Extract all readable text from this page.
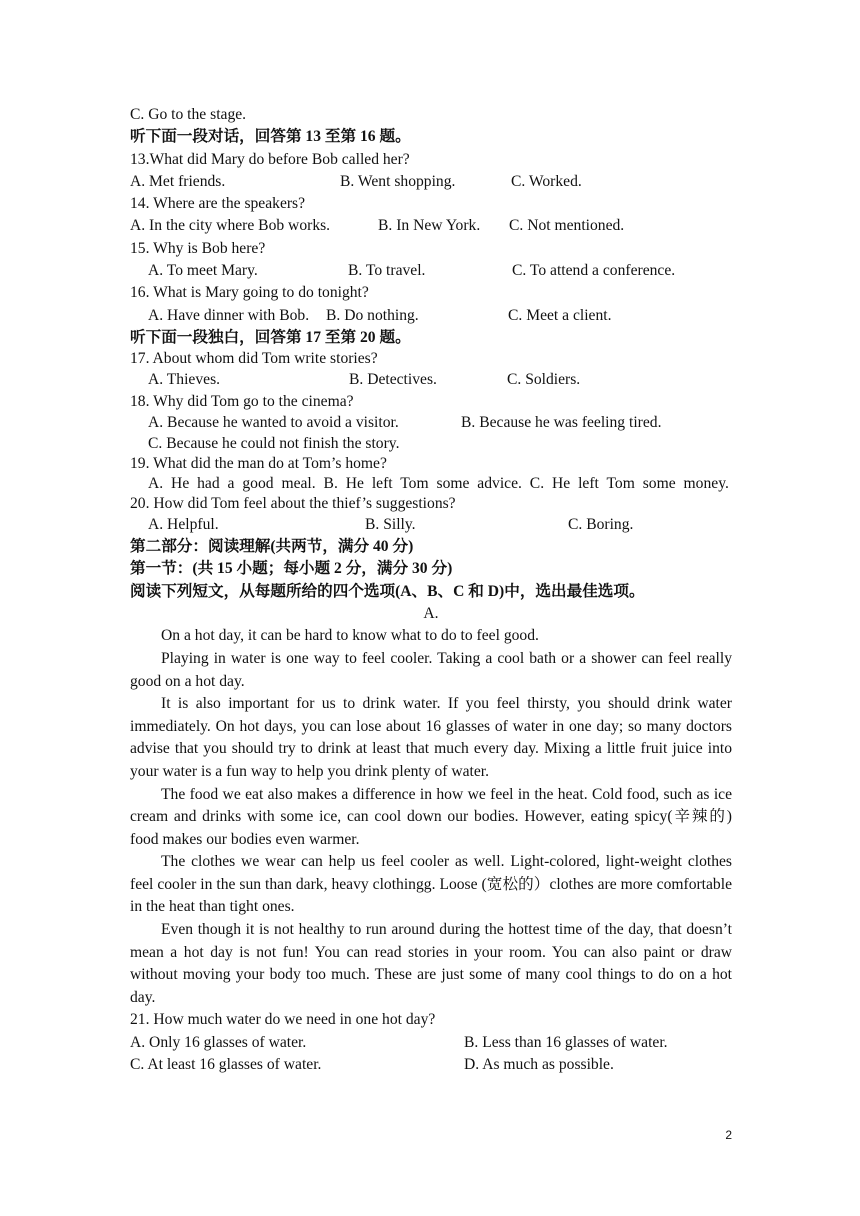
C. Go to the stage.
听下面一段对话，回答第 13 至第 16 题。
13.What did Mary do before Bob called her?
A. Met friends.	B. Went shopping.	C. Worked.
14. Where are the speakers?
A. In the city where Bob works.	B. In New York.	C. Not mentioned.
15. Why is Bob here?
A. To meet Mary.	B. To travel.	C. To attend a conference.
16. What is Mary going to do tonight?
A. Have dinner with Bob.	B. Do nothing.	C. Meet a client.
听下面一段独白，回答第 17 至第 20 题。
17. About whom did Tom write stories?
A. Thieves.	B. Detectives.	C. Soldiers.
18. Why did Tom go to the cinema?
A. Because he wanted to avoid a visitor.	B. Because he was feeling tired.
C. Because he could not finish the story.
19. What did the man do at Tom’s home?
A. He had a good meal. B. He left Tom some advice. C. He left Tom some money.
20. How did Tom feel about the thief’s suggestions?
A. Helpful.	B. Silly.	C. Boring.
第二部分：阅读理解(共两节，满分 40 分)
第一节：(共 15 小题；每小题 2 分，满分 30 分)
阅读下列短文，从每题所给的四个选项(A、B、C 和 D)中，选出最佳选项。
A.
On a hot day, it can be hard to know what to do to feel good.
Playing in water is one way to feel cooler. Taking a cool bath or a shower can feel really good on a hot day.
It is also important for us to drink water. If you feel thirsty, you should drink water immediately. On hot days, you can lose about 16 glasses of water in one day; so many doctors advise that you should try to drink at least that much every day. Mixing a little fruit juice into your water is a fun way to help you drink plenty of water.
The food we eat also makes a difference in how we feel in the heat. Cold food, such as ice cream and drinks with some ice, can cool down our bodies. However, eating spicy(辛辣的) food makes our bodies even warmer.
The clothes we wear can help us feel cooler as well. Light-colored, light-weight clothes feel cooler in the sun than dark, heavy clothingg. Loose (宽松的）clothes are more comfortable in the heat than tight ones.
Even though it is not healthy to run around during the hottest time of the day, that doesn’t mean a hot day is not fun! You can read stories in your room. You can also paint or draw without moving your body too much. These are just some of many cool things to do on a hot day.
21. How much water do we need in one hot day?
A. Only 16 glasses of water.	B. Less than 16 glasses of water.
C. At least 16 glasses of water.	D. As much as possible.
2
